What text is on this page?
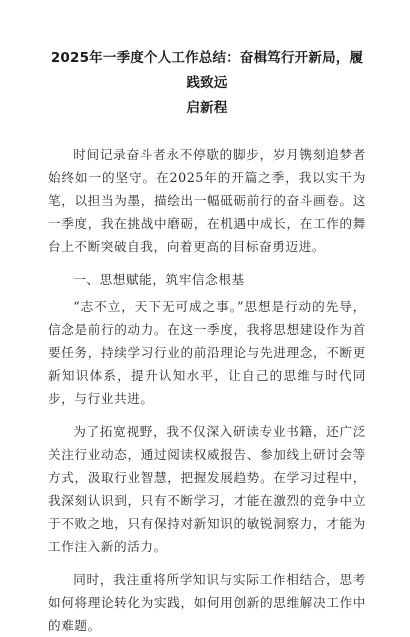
2025年一季度个人工作总结：奋楫笃行开新局，履践致远
启新程

时间记录奋斗者永不停歇的脚步，岁月镌刻追梦者始终如一的坚守。在2025年的开篇之季，我以实干为笔，以担当为墨，描绘出一幅砥砺前行的奋斗画卷。这一季度，我在挑战中磨砺，在机遇中成长，在工作的舞台上不断突破自我，向着更高的目标奋勇迈进。

一、思想赋能，筑牢信念根基

“志不立，天下无可成之事。”思想是行动的先导，信念是前行的动力。在这一季度，我将思想建设作为首要任务，持续学习行业的前沿理论与先进理念，不断更新知识体系，提升认知水平，让自己的思维与时代同步，与行业共进。

为了拓宽视野，我不仅深入研读专业书籍，还广泛关注行业动态，通过阅读权威报告、参加线上研讨会等方式，汲取行业智慧，把握发展趋势。在学习过程中，我深刻认识到，只有不断学习，才能在激烈的竞争中立于不败之地，只有保持对新知识的敏锐洞察力，才能为工作注入新的活力。

同时，我注重将所学知识与实际工作相结合，思考如何将理论转化为实践，如何用创新的思维解决工作中的难题。
